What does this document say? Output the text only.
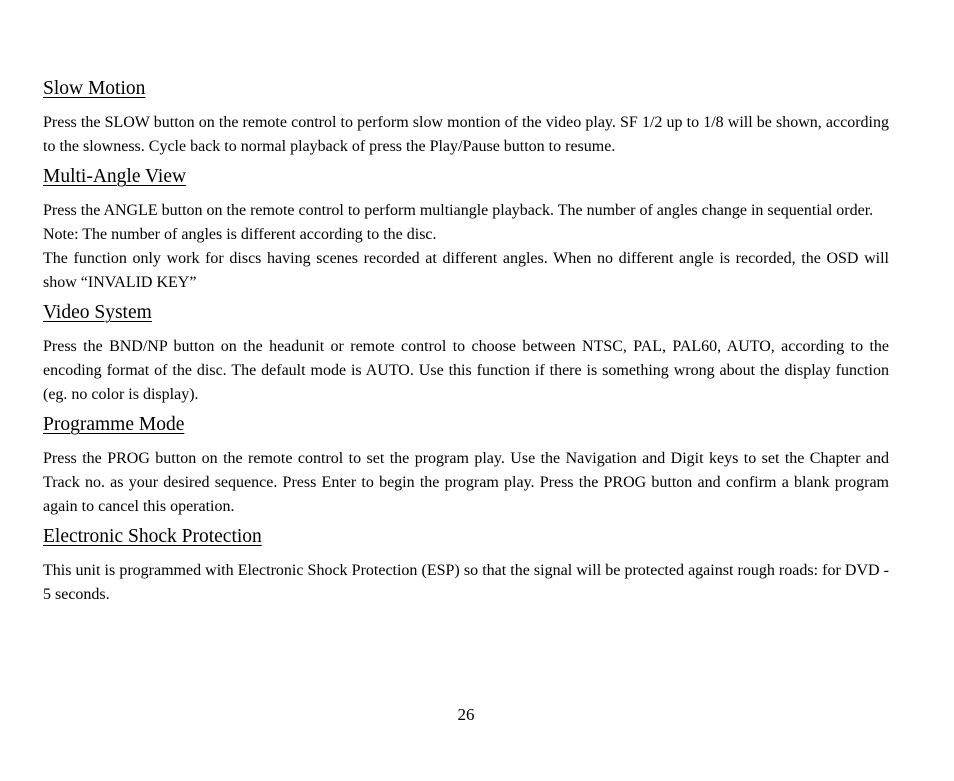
Slow Motion

Press the SLOW button on the remote control to perform slow montion of the video play. SF 1/2 up to 1/8 will be shown, according to the slowness. Cycle back to normal playback of press the Play/Pause button to resume.

Multi-Angle View

Press the ANGLE button on the remote control to perform multiangle playback. The number of angles change in sequential order.

Note: The number of angles is different according to the disc.

The function only work for discs having scenes recorded at different angles. When no different angle is recorded, the OSD will show “INVALID KEY”

Video System

Press the BND/NP button on the headunit or remote control to choose between NTSC, PAL, PAL60, AUTO, according to the encoding format of the disc. The default mode is AUTO. Use this function if there is something wrong about the display function (eg. no color is display).

Programme Mode

Press the PROG button on the remote control to set the program play. Use the Navigation and Digit keys to set the Chapter and Track no. as your desired sequence. Press Enter to begin the program play. Press the PROG button and confirm a blank program again to cancel this operation.

Electronic Shock Protection

This unit is programmed with Electronic Shock Protection (ESP) so that the signal will be protected against rough roads: for DVD - 5 seconds.

26
